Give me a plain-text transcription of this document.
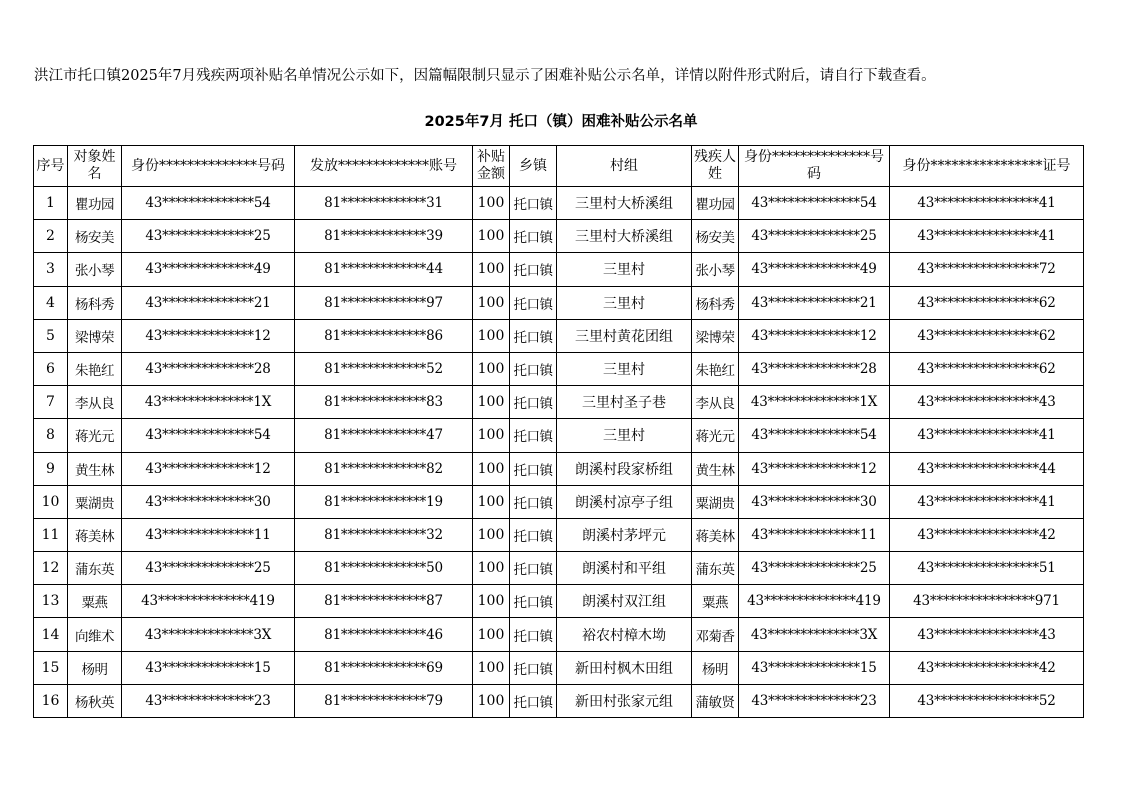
洪江市托口镇2025年7月残疾两项补贴名单情况公示如下，因篇幅限制只显示了困难补贴公示名单，详情以附件形式附后，请自行下载查看。
2025年7月 托口（镇）困难补贴公示名单
序号	对象姓名	身份**************号码	发放*************账号	补贴金额	乡镇	村组	残疾人姓	身份**************号码	身份****************证号
1	瞿功园	43**************54	81*************31	100	托口镇	三里村大桥溪组	瞿功园	43**************54	43****************41
2	杨安美	43**************25	81*************39	100	托口镇	三里村大桥溪组	杨安美	43**************25	43****************41
3	张小琴	43**************49	81*************44	100	托口镇	三里村	张小琴	43**************49	43****************72
4	杨科秀	43**************21	81*************97	100	托口镇	三里村	杨科秀	43**************21	43****************62
5	梁博荣	43**************12	81*************86	100	托口镇	三里村黄花团组	梁博荣	43**************12	43****************62
6	朱艳红	43**************28	81*************52	100	托口镇	三里村	朱艳红	43**************28	43****************62
7	李从良	43**************1X	81*************83	100	托口镇	三里村圣子巷	李从良	43**************1X	43****************43
8	蒋光元	43**************54	81*************47	100	托口镇	三里村	蒋光元	43**************54	43****************41
9	黄生林	43**************12	81*************82	100	托口镇	朗溪村段家桥组	黄生林	43**************12	43****************44
10	粟湖贵	43**************30	81*************19	100	托口镇	朗溪村凉亭子组	粟湖贵	43**************30	43****************41
11	蒋美林	43**************11	81*************32	100	托口镇	朗溪村茅坪元	蒋美林	43**************11	43****************42
12	蒲东英	43**************25	81*************50	100	托口镇	朗溪村和平组	蒲东英	43**************25	43****************51
13	粟燕	43**************419	81*************87	100	托口镇	朗溪村双江组	粟燕	43**************419	43****************971
14	向维术	43**************3X	81*************46	100	托口镇	裕农村樟木坳	邓菊香	43**************3X	43****************43
15	杨明	43**************15	81*************69	100	托口镇	新田村枫木田组	杨明	43**************15	43****************42
16	杨秋英	43**************23	81*************79	100	托口镇	新田村张家元组	蒲敏贤	43**************23	43****************52
